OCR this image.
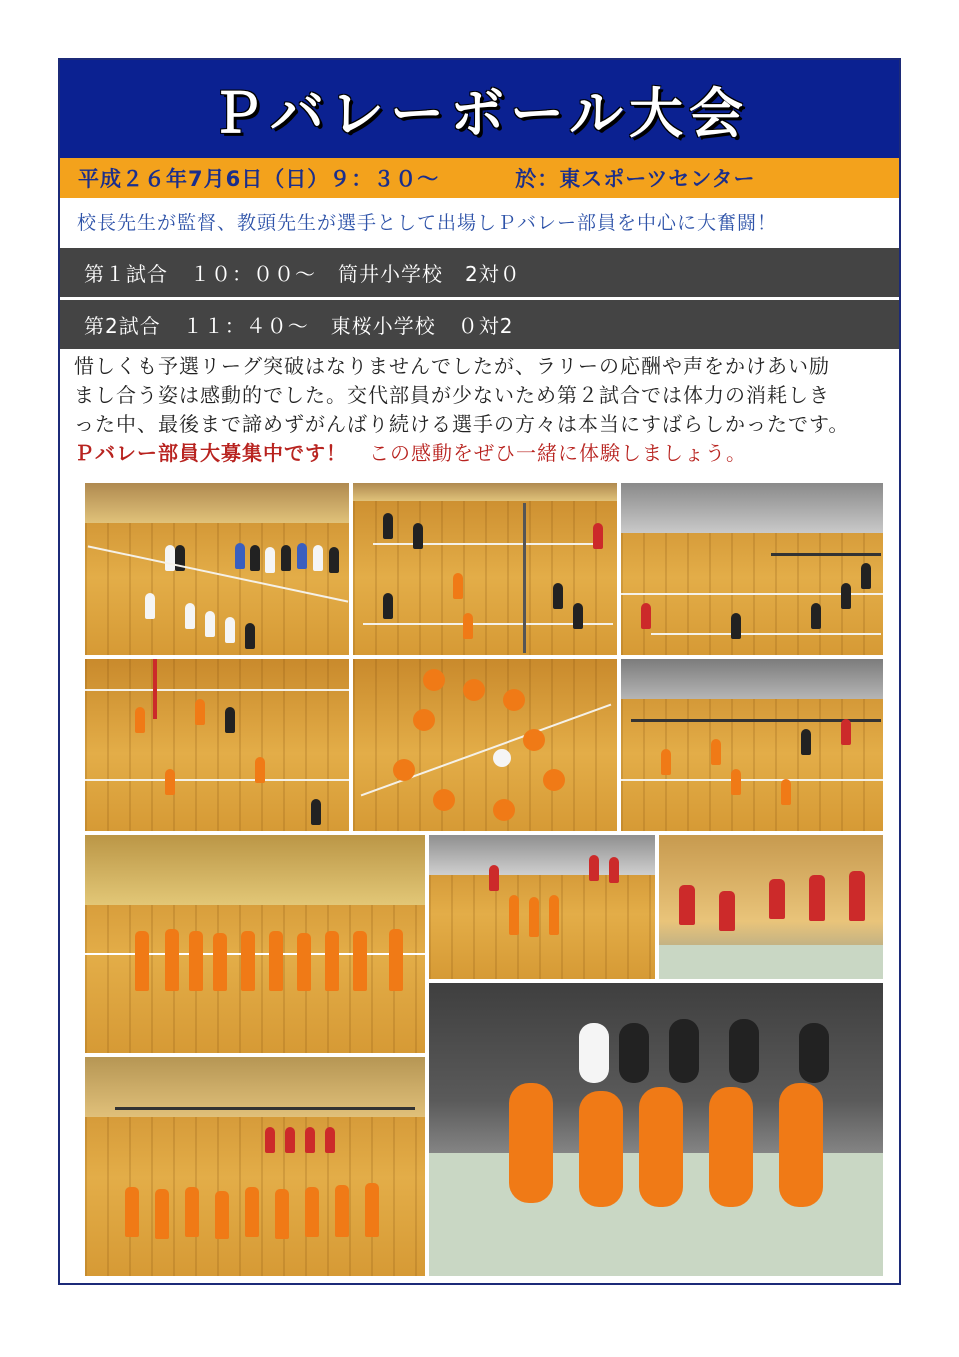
Ｐバレーボール大会
平成２６年7月6日（日）９：３０～	於：東スポーツセンター
校長先生が監督、教頭先生が選手として出場しＰバレー部員を中心に大奮闘！
第１試合 １０：００～ 筒井小学校 2対０
第2試合 １１：４０～ 東桜小学校 ０対2
惜しくも予選リーグ突破はなりませんでしたが、ラリーの応酬や声をかけあい励
まし合う姿は感動的でした。交代部員が少ないため第２試合では体力の消耗しき
った中、最後まで諦めずがんばり続ける選手の方々は本当にすばらしかったです。
Ｐバレー部員大募集中です！ この感動をぜひ一緒に体験しましょう。
